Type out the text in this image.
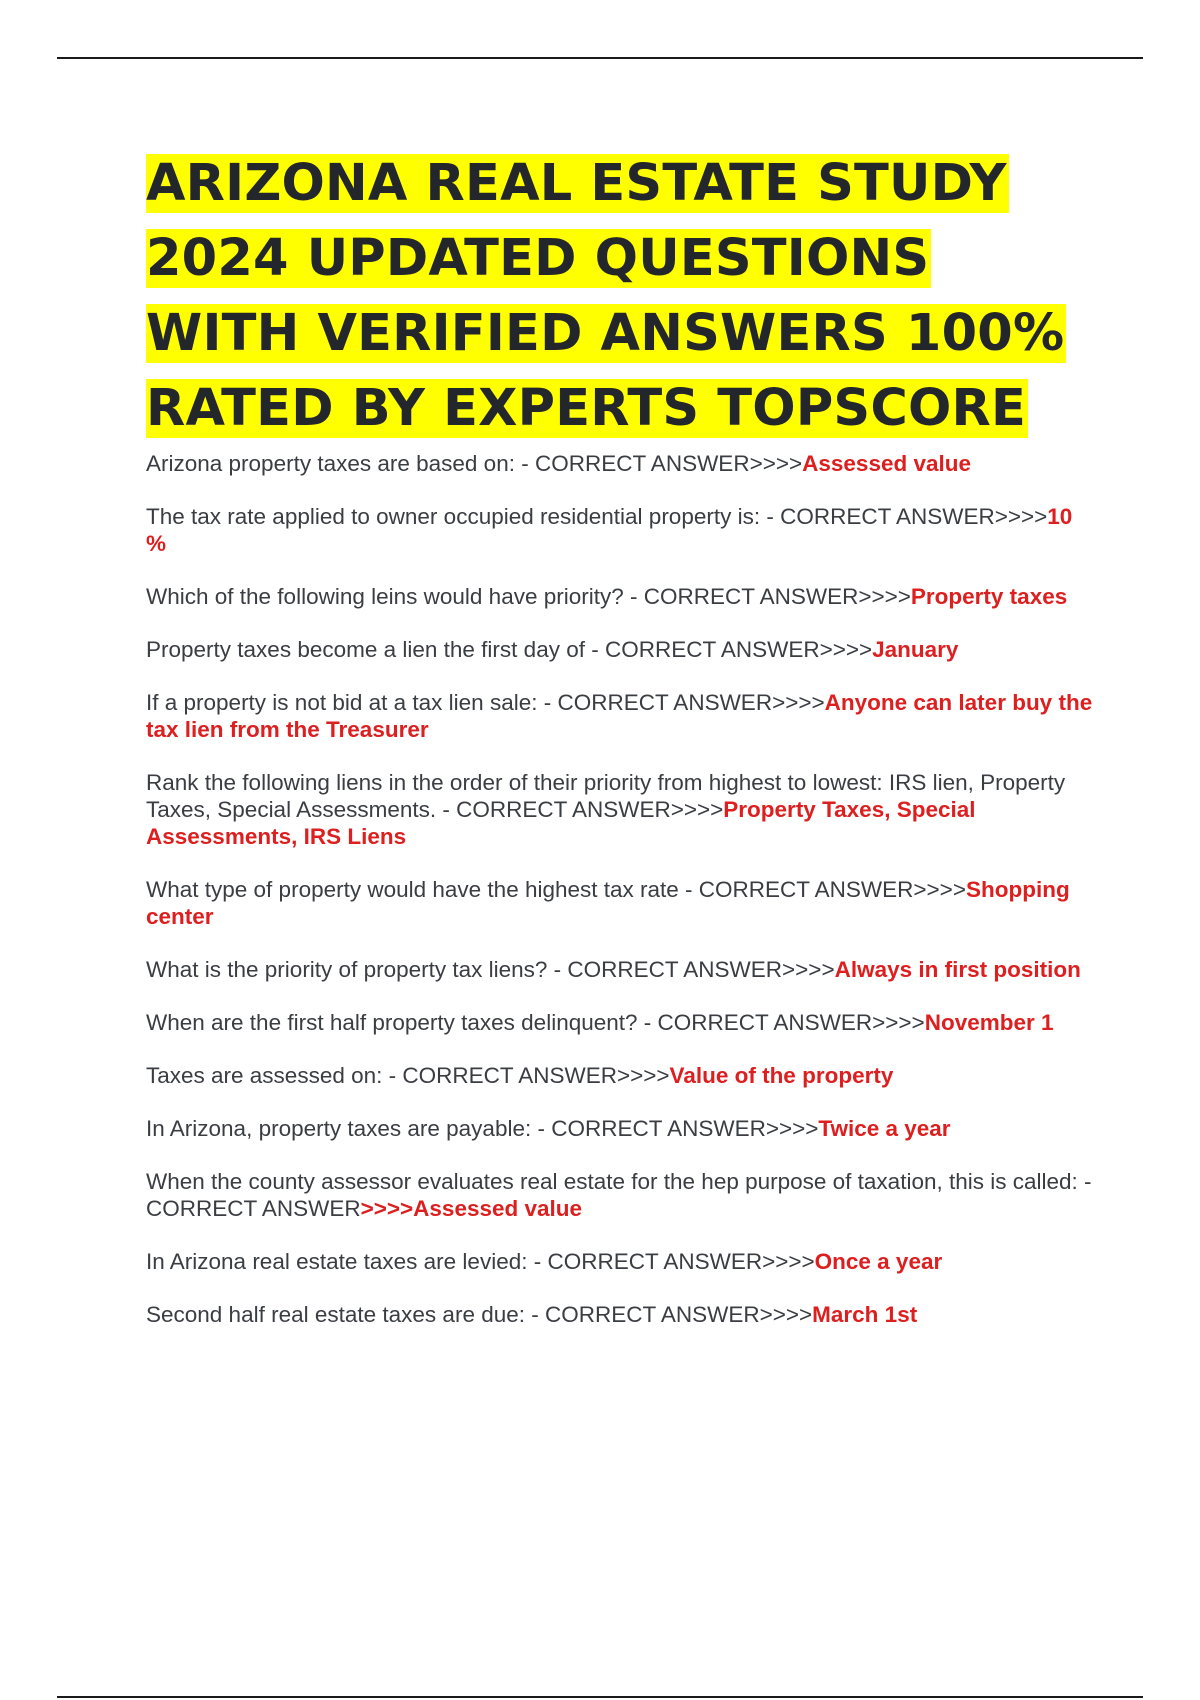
ARIZONA REAL ESTATE STUDY
2024 UPDATED QUESTIONS
WITH VERIFIED ANSWERS 100%
RATED BY EXPERTS TOPSCORE

Arizona property taxes are based on: - CORRECT ANSWER>>>>Assessed value

The tax rate applied to owner occupied residential property is: - CORRECT ANSWER>>>>10 %

Which of the following leins would have priority? - CORRECT ANSWER>>>>Property taxes

Property taxes become a lien the first day of - CORRECT ANSWER>>>>January

If a property is not bid at a tax lien sale: - CORRECT ANSWER>>>>Anyone can later buy the tax lien from the Treasurer

Rank the following liens in the order of their priority from highest to lowest: IRS lien, Property Taxes, Special Assessments. - CORRECT ANSWER>>>>Property Taxes, Special Assessments, IRS Liens

What type of property would have the highest tax rate - CORRECT ANSWER>>>>Shopping center

What is the priority of property tax liens? - CORRECT ANSWER>>>>Always in first position

When are the first half property taxes delinquent? - CORRECT ANSWER>>>>November 1

Taxes are assessed on: - CORRECT ANSWER>>>>Value of the property

In Arizona, property taxes are payable: - CORRECT ANSWER>>>>Twice a year

When the county assessor evaluates real estate for the hep purpose of taxation, this is called: - CORRECT ANSWER>>>>Assessed value

In Arizona real estate taxes are levied: - CORRECT ANSWER>>>>Once a year

Second half real estate taxes are due: - CORRECT ANSWER>>>>March 1st
